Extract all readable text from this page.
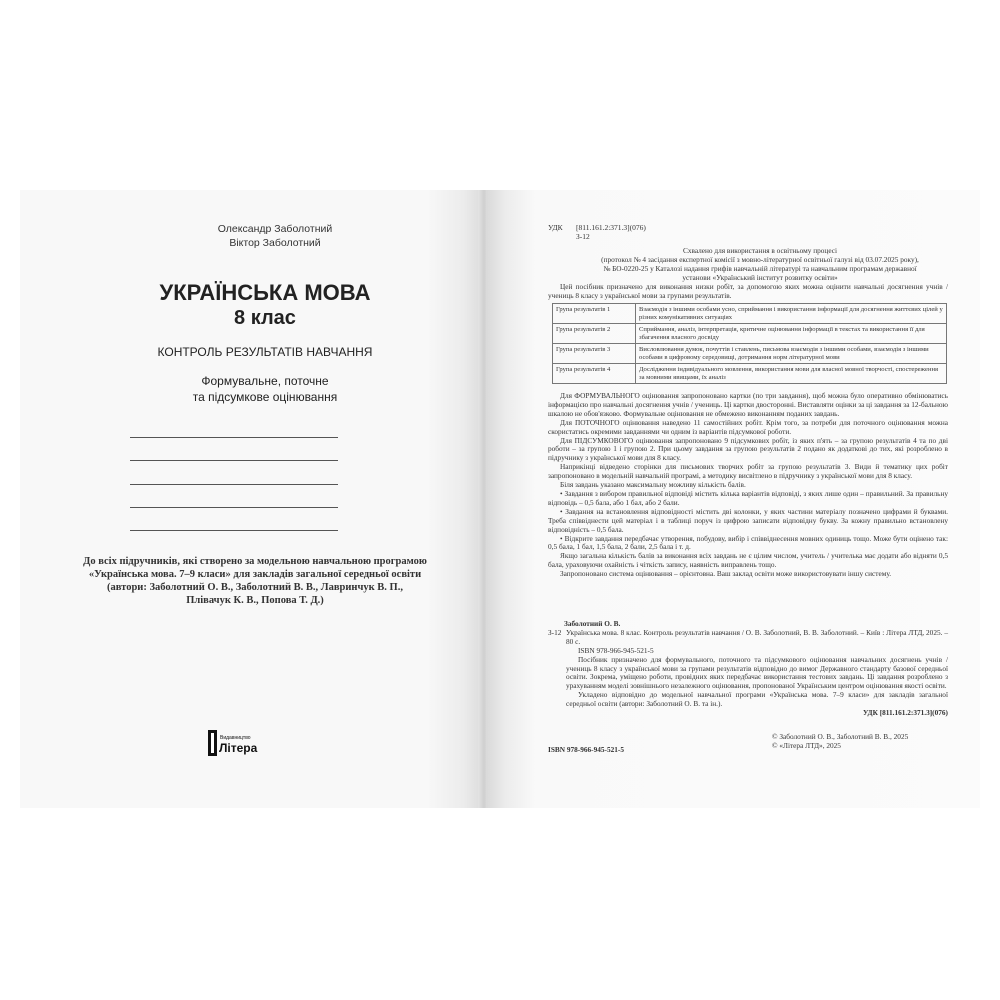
Олександр Заболотний
Віктор Заболотний
УКРАЇНСЬКА МОВА
8 клас
КОНТРОЛЬ РЕЗУЛЬТАТІВ НАВЧАННЯ
Формувальне, поточне
та підсумкове оцінювання
До всіх підручників, які створено за модельною навчальною програмою
«Українська мова. 7–9 класи» для закладів загальної середньої освіти
(автори: Заболотний О. В., Заболотний В. В., Лавринчук В. П.,
Плівачук К. В., Попова Т. Д.)
Видавництво
Літера
УДК [811.161.2:371.3](076)
З-12
Схвалено для використання в освітньому процесі
(протокол № 4 засідання експертної комісії з мовно-літературної освітньої галузі від 03.07.2025 року),
№ БО-0220-25 у Каталозі надання грифів навчальній літературі та навчальним програмам державної
установи «Український інститут розвитку освіти»
Цей посібник призначено для виконання низки робіт, за допомогою яких можна оцінити навчальні досягнення учнів / учениць 8 класу з української мови за групами результатів.
Група результатів 1	Взаємодія з іншими особами усно, сприймання і використання інформації для досягнення життєвих цілей у різних комунікативних ситуаціях
Група результатів 2	Сприймання, аналіз, інтерпретація, критичне оцінювання інформації в текстах та використання її для збагачення власного досвіду
Група результатів 3	Висловлювання думок, почуттів і ставлень, письмова взаємодія з іншими особами, взаємодія з іншими особами в цифровому середовищі, дотримання норм літературної мови
Група результатів 4	Дослідження індивідуального мовлення, використання мови для власної мовної творчості, спостереження за мовними явищами, їх аналіз

Для ФОРМУВАЛЬНОГО оцінювання запропоновано картки (по три завдання), щоб можна було оперативно обмінюватись інформацією про навчальні досягнення учнів / учениць. Ці картки двосторонні. Виставляти оцінки за ці завдання за 12-бальною шкалою не обов'язково. Формувальне оцінювання не обмежено виконанням поданих завдань.

Для ПОТОЧНОГО оцінювання наведено 11 самостійних робіт. Крім того, за потреби для поточного оцінювання можна скористатись окремими завданнями чи одним із варіантів підсумкової роботи.

Для ПІДСУМКОВОГО оцінювання запропоновано 9 підсумкових робіт, із яких п'ять – за групою результатів 4 та по дві роботи – за групою 1 і групою 2. При цьому завдання за групою результатів 2 подано як додаткові до тих, які розроблено в підручнику з української мови для 8 класу.

Наприкінці відведено сторінки для письмових творчих робіт за групою результатів 3. Види й тематику цих робіт запропоновано в модельній навчальній програмі, а методику висвітлено в підручнику з української мови для 8 класу.

Біля завдань указано максимальну можливу кількість балів.

• Завдання з вибором правильної відповіді містить кілька варіантів відповіді, з яких лише один – правильний. За правильну відповідь – 0,5 бала, або 1 бал, або 2 бали.

• Завдання на встановлення відповідності містить дві колонки, у яких частини матеріалу позначено цифрами й буквами. Треба співвіднести цей матеріал і в таблиці поруч із цифрою записати відповідну букву. За кожну правильно встановлену відповідність – 0,5 бала.

• Відкрите завдання передбачає утворення, побудову, вибір і співвіднесення мовних одиниць тощо. Може бути оцінено так: 0,5 бала, 1 бал, 1,5 бала, 2 бали, 2,5 бала і т. д.

Якщо загальна кількість балів за виконання всіх завдань не є цілим числом, учитель / учителька має додати або відняти 0,5 бала, ураховуючи охайність і чіткість запису, наявність виправлень тощо.

Запропоновано система оцінювання – орієнтовна. Ваш заклад освіти може використовувати іншу систему.

Заболотний О. В.
З-12 Українська мова. 8 клас. Контроль результатів навчання / О. В. Заболотний, В. В. Заболотний. – Київ : Літера ЛТД, 2025. – 80 с.

ISBN 978-966-945-521-5

Посібник призначено для формувального, поточного та підсумкового оцінювання навчальних досягнень учнів / учениць 8 класу з української мови за групами результатів відповідно до вимог Державного стандарту базової середньої освіти. Зокрема, уміщено роботи, провідних яких передбачає використання тестових завдань. Ці завдання розроблено з урахуванням моделі зовнішнього незалежного оцінювання, пропонованої Українським центром оцінювання якості освіти.

Укладено відповідно до модельної навчальної програми «Українська мова. 7–9 класи» для закладів загальної середньої освіти (автори: Заболотний О. В. та ін.).

УДК [811.161.2:371.3](076)

ISBN 978-966-945-521-5
© Заболотний О. В., Заболотний В. В., 2025
© «Літера ЛТД», 2025
